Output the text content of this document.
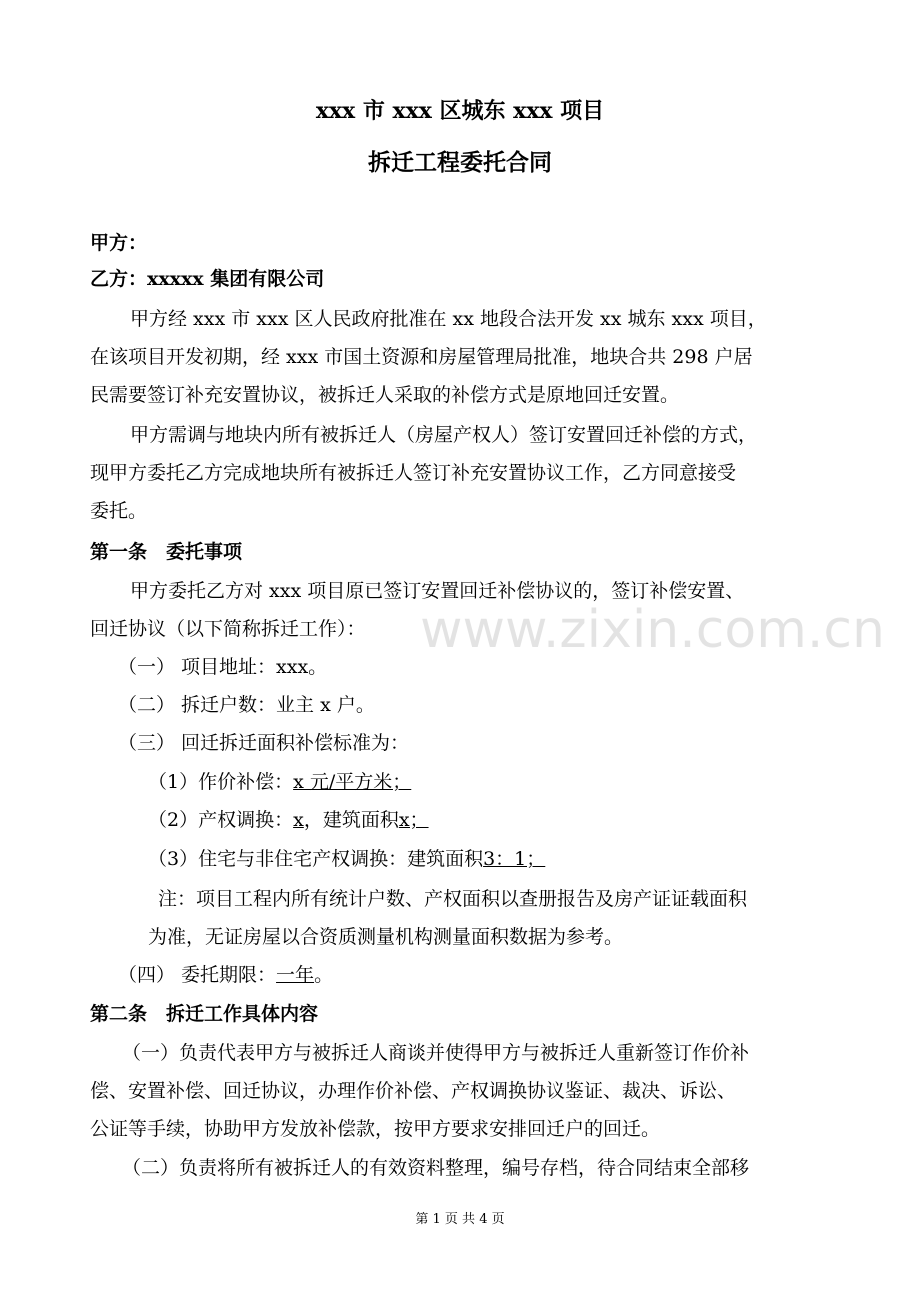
xxx 市 xxx 区城东 xxx 项目
拆迁工程委托合同
甲方：
乙方：xxxxx 集团有限公司
甲方经 xxx 市 xxx 区人民政府批准在 xx 地段合法开发 xx 城东 xxx 项目，
在该项目开发初期，经 xxx 市国土资源和房屋管理局批准，地块合共 298 户居
民需要签订补充安置协议，被拆迁人采取的补偿方式是原地回迁安置。
甲方需调与地块内所有被拆迁人（房屋产权人）签订安置回迁补偿的方式，
现甲方委托乙方完成地块所有被拆迁人签订补充安置协议工作，乙方同意接受
委托。
第一条　委托事项
甲方委托乙方对 xxx 项目原已签订安置回迁补偿协议的，签订补偿安置、
回迁协议（以下简称拆迁工作）：
（一） 项目地址：xxx。
（二） 拆迁户数：业主 x 户。
（三） 回迁拆迁面积补偿标准为：
（1）作价补偿：x 元/平方米；
（2）产权调换：x，建筑面积x；
（3）住宅与非住宅产权调换：建筑面积3：1；
注：项目工程内所有统计户数、产权面积以查册报告及房产证证载面积
为准，无证房屋以合资质测量机构测量面积数据为参考。
（四） 委托期限：一年。
第二条　拆迁工作具体内容
（一）负责代表甲方与被拆迁人商谈并使得甲方与被拆迁人重新签订作价补
偿、安置补偿、回迁协议，办理作价补偿、产权调换协议鉴证、裁决、诉讼、
公证等手续，协助甲方发放补偿款，按甲方要求安排回迁户的回迁。
（二）负责将所有被拆迁人的有效资料整理，编号存档，待合同结束全部移
www.zixin.com.cn
第 1 页 共 4 页
